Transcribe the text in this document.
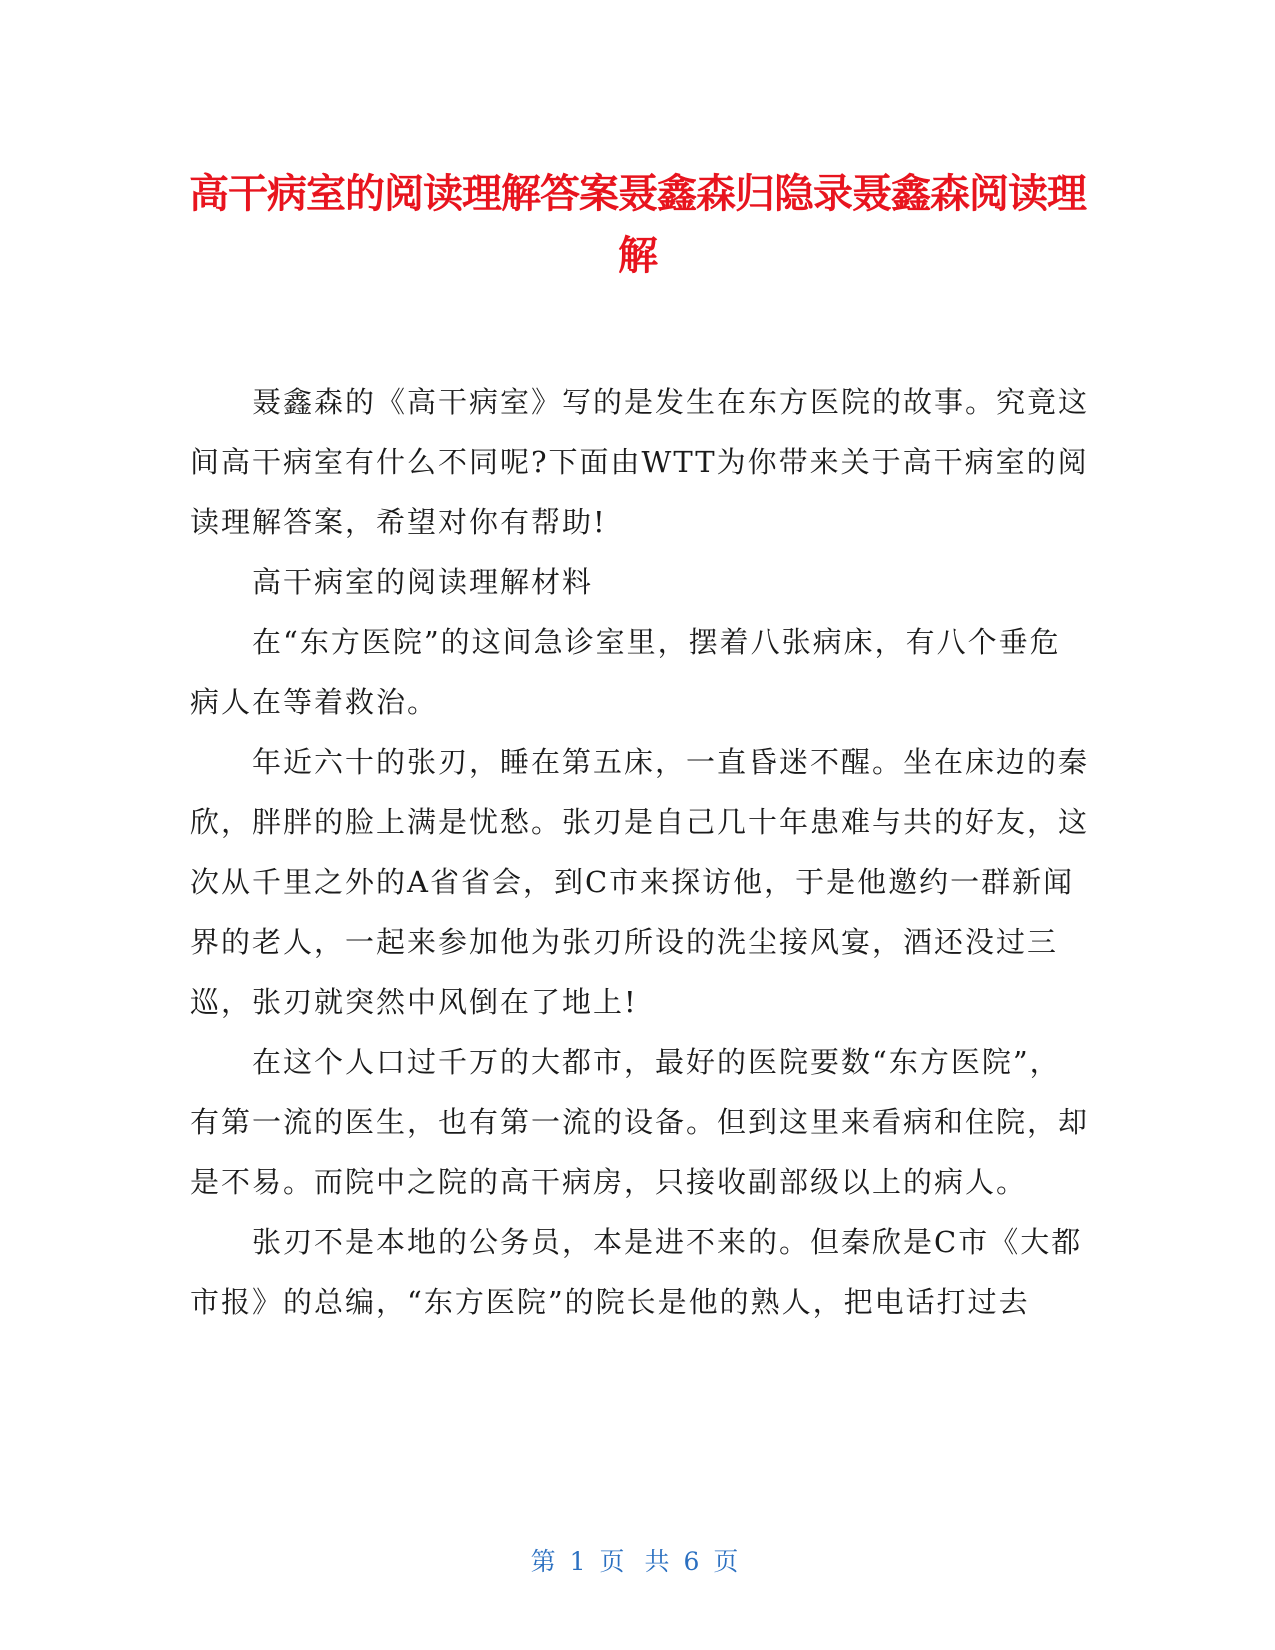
高干病室的阅读理解答案聂鑫森归隐录聂鑫森阅读理解

聂鑫森的《高干病室》写的是发生在东方医院的故事。究竟这间高干病室有什么不同呢?下面由WTT为你带来关于高干病室的阅读理解答案，希望对你有帮助!

高干病室的阅读理解材料

在“东方医院”的这间急诊室里，摆着八张病床，有八个垂危病人在等着救治。

年近六十的张刃，睡在第五床，一直昏迷不醒。坐在床边的秦欣，胖胖的脸上满是忧愁。张刃是自己几十年患难与共的好友，这次从千里之外的A省省会，到C市来探访他，于是他邀约一群新闻界的老人，一起来参加他为张刃所设的洗尘接风宴，酒还没过三巡，张刃就突然中风倒在了地上!

在这个人口过千万的大都市，最好的医院要数“东方医院”，有第一流的医生，也有第一流的设备。但到这里来看病和住院，却是不易。而院中之院的高干病房，只接收副部级以上的病人。

张刃不是本地的公务员，本是进不来的。但秦欣是C市《大都市报》的总编，“东方医院”的院长是他的熟人，把电话打过去

第 1 页 共 6 页
